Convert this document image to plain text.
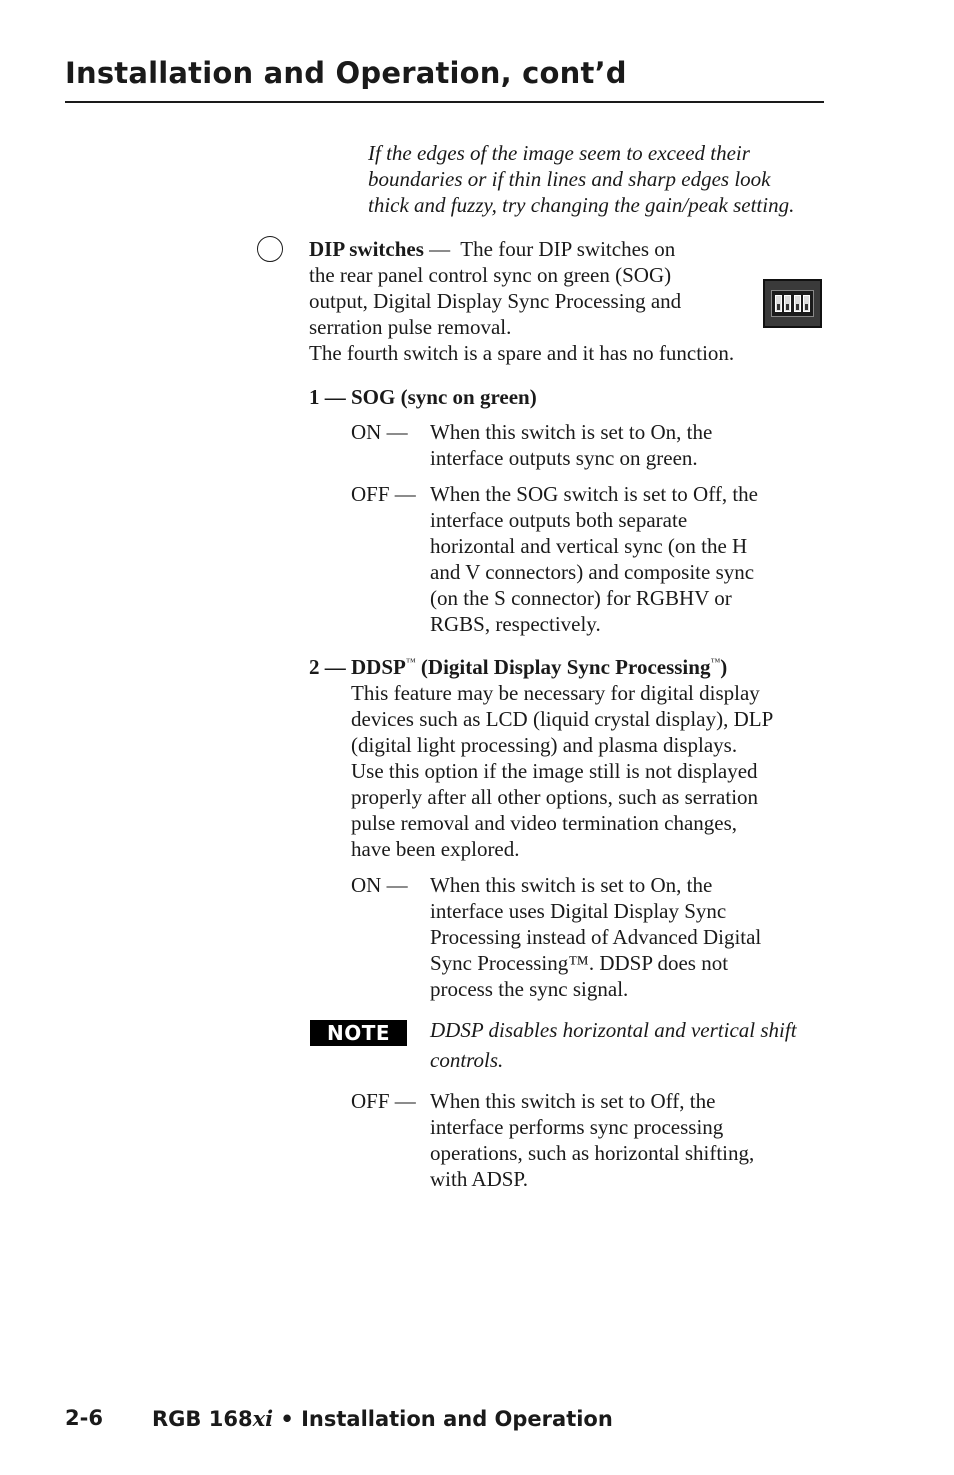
Installation and Operation, cont’d
If the edges of the image seem to exceed their
boundaries or if thin lines and sharp edges look
thick and fuzzy, try changing the gain/peak setting.
DIP switches —  The four DIP switches on
the rear panel control sync on green (SOG)
output, Digital Display Sync Processing and
serration pulse removal.
The fourth switch is a spare and it has no function.
1 — SOG (sync on green)
ON — When this switch is set to On, the
interface outputs sync on green.
OFF — When the SOG switch is set to Off, the
interface outputs both separate
horizontal and vertical sync (on the H
and V connectors) and composite sync
(on the S connector) for RGBHV or
RGBS, respectively.
2 — DDSP™ (Digital Display Sync Processing™)
This feature may be necessary for digital display
devices such as LCD (liquid crystal display), DLP
(digital light processing) and plasma displays.
Use this option if the image still is not displayed
properly after all other options, such as serration
pulse removal and video termination changes,
have been explored.
ON — When this switch is set to On, the
interface uses Digital Display Sync
Processing instead of Advanced Digital
Sync Processing™. DDSP does not
process the sync signal.
NOTE	DDSP disables horizontal and vertical shift
controls.
OFF — When this switch is set to Off, the
interface performs sync processing
operations, such as horizontal shifting,
with ADSP.
2-6 RGB 168xi • Installation and Operation
